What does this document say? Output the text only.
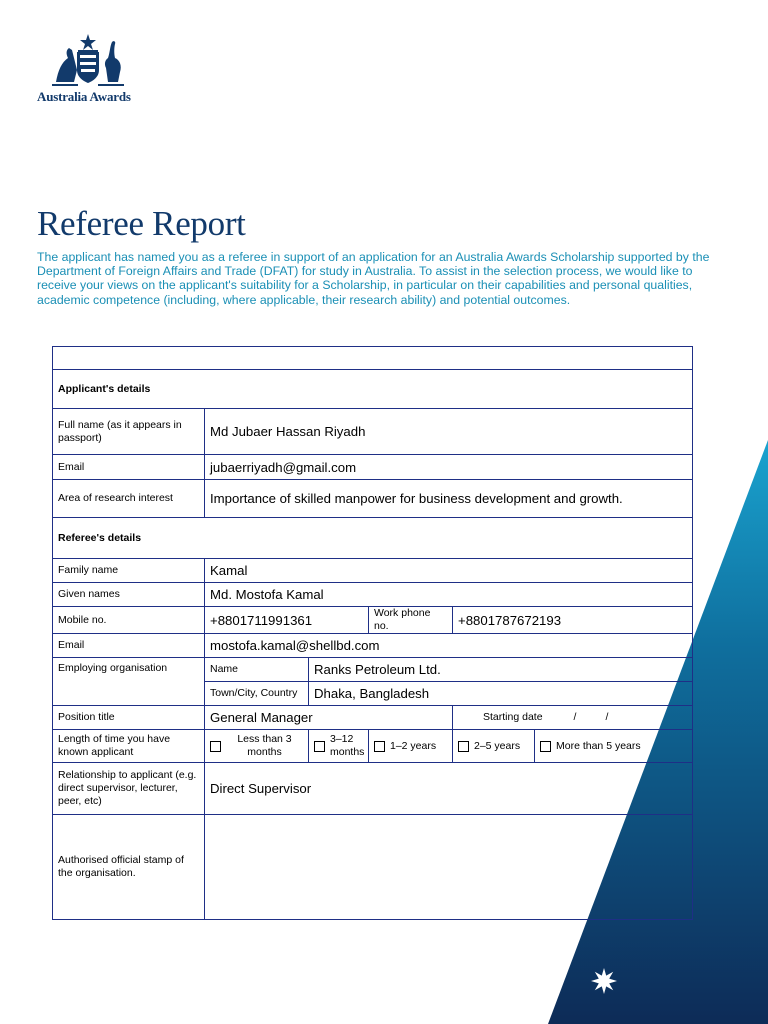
Australia Awards
Referee Report

The applicant has named you as a referee in support of an application for an Australia Awards Scholarship supported by the Department of Foreign Affairs and Trade (DFAT) for study in Australia. To assist in the selection process, we would like to receive your views on the applicant's suitability for a Scholarship, in particular on their capabilities and personal qualities, academic competence (including, where applicable, their research ability) and potential outcomes.

1. Personal details					
Applicant's details					
Full name (as it appears in passport)	Md Jubaer Hassan Riyadh				
Email	jubaerriyadh@gmail.com				
Area of research interest	Importance of skilled manpower for business development and growth.				
Referee's details					
Family name	Kamal				
Given names	Md. Mostofa Kamal				
Mobile no.	+8801711991361		Work phone no.	+8801787672193	
Email	mostofa.kamal@shellbd.com				
Employing organisation	Name	Ranks Petroleum Ltd.			
	Town/City, Country	Dhaka, Bangladesh			
Position title	General Manager			Starting date /          /	
Length of time you have known applicant	Less than 3 months	3–12 months	1–2 years	2–5 years	More than 5 years

Relationship to applicant (e.g. direct supervisor, lecturer, peer, etc)	Direct Supervisor				
Authorised official stamp of the organisation.					
